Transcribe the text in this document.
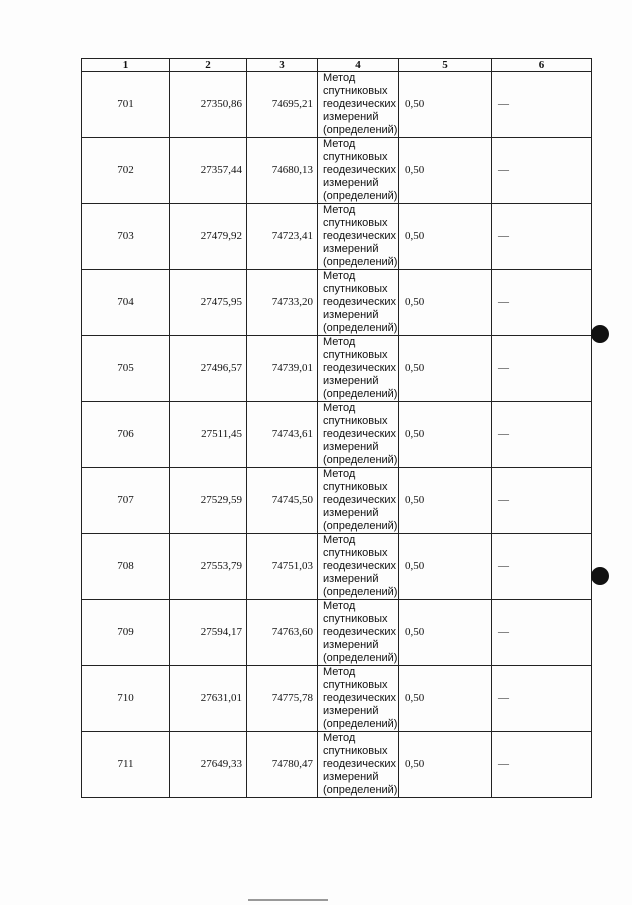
1	2	3	4	5	6
701	27350,86	74695,21	Метод
спутниковых
геодезических
измерений
(определений)	0,50	—
702	27357,44	74680,13	Метод
спутниковых
геодезических
измерений
(определений)	0,50	—
703	27479,92	74723,41	Метод
спутниковых
геодезических
измерений
(определений)	0,50	—
704	27475,95	74733,20	Метод
спутниковых
геодезических
измерений
(определений)	0,50	—
705	27496,57	74739,01	Метод
спутниковых
геодезических
измерений
(определений)	0,50	—
706	27511,45	74743,61	Метод
спутниковых
геодезических
измерений
(определений)	0,50	—
707	27529,59	74745,50	Метод
спутниковых
геодезических
измерений
(определений)	0,50	—
708	27553,79	74751,03	Метод
спутниковых
геодезических
измерений
(определений)	0,50	—
709	27594,17	74763,60	Метод
спутниковых
геодезических
измерений
(определений)	0,50	—
710	27631,01	74775,78	Метод
спутниковых
геодезических
измерений
(определений)	0,50	—
711	27649,33	74780,47	Метод
спутниковых
геодезических
измерений
(определений)	0,50	—
